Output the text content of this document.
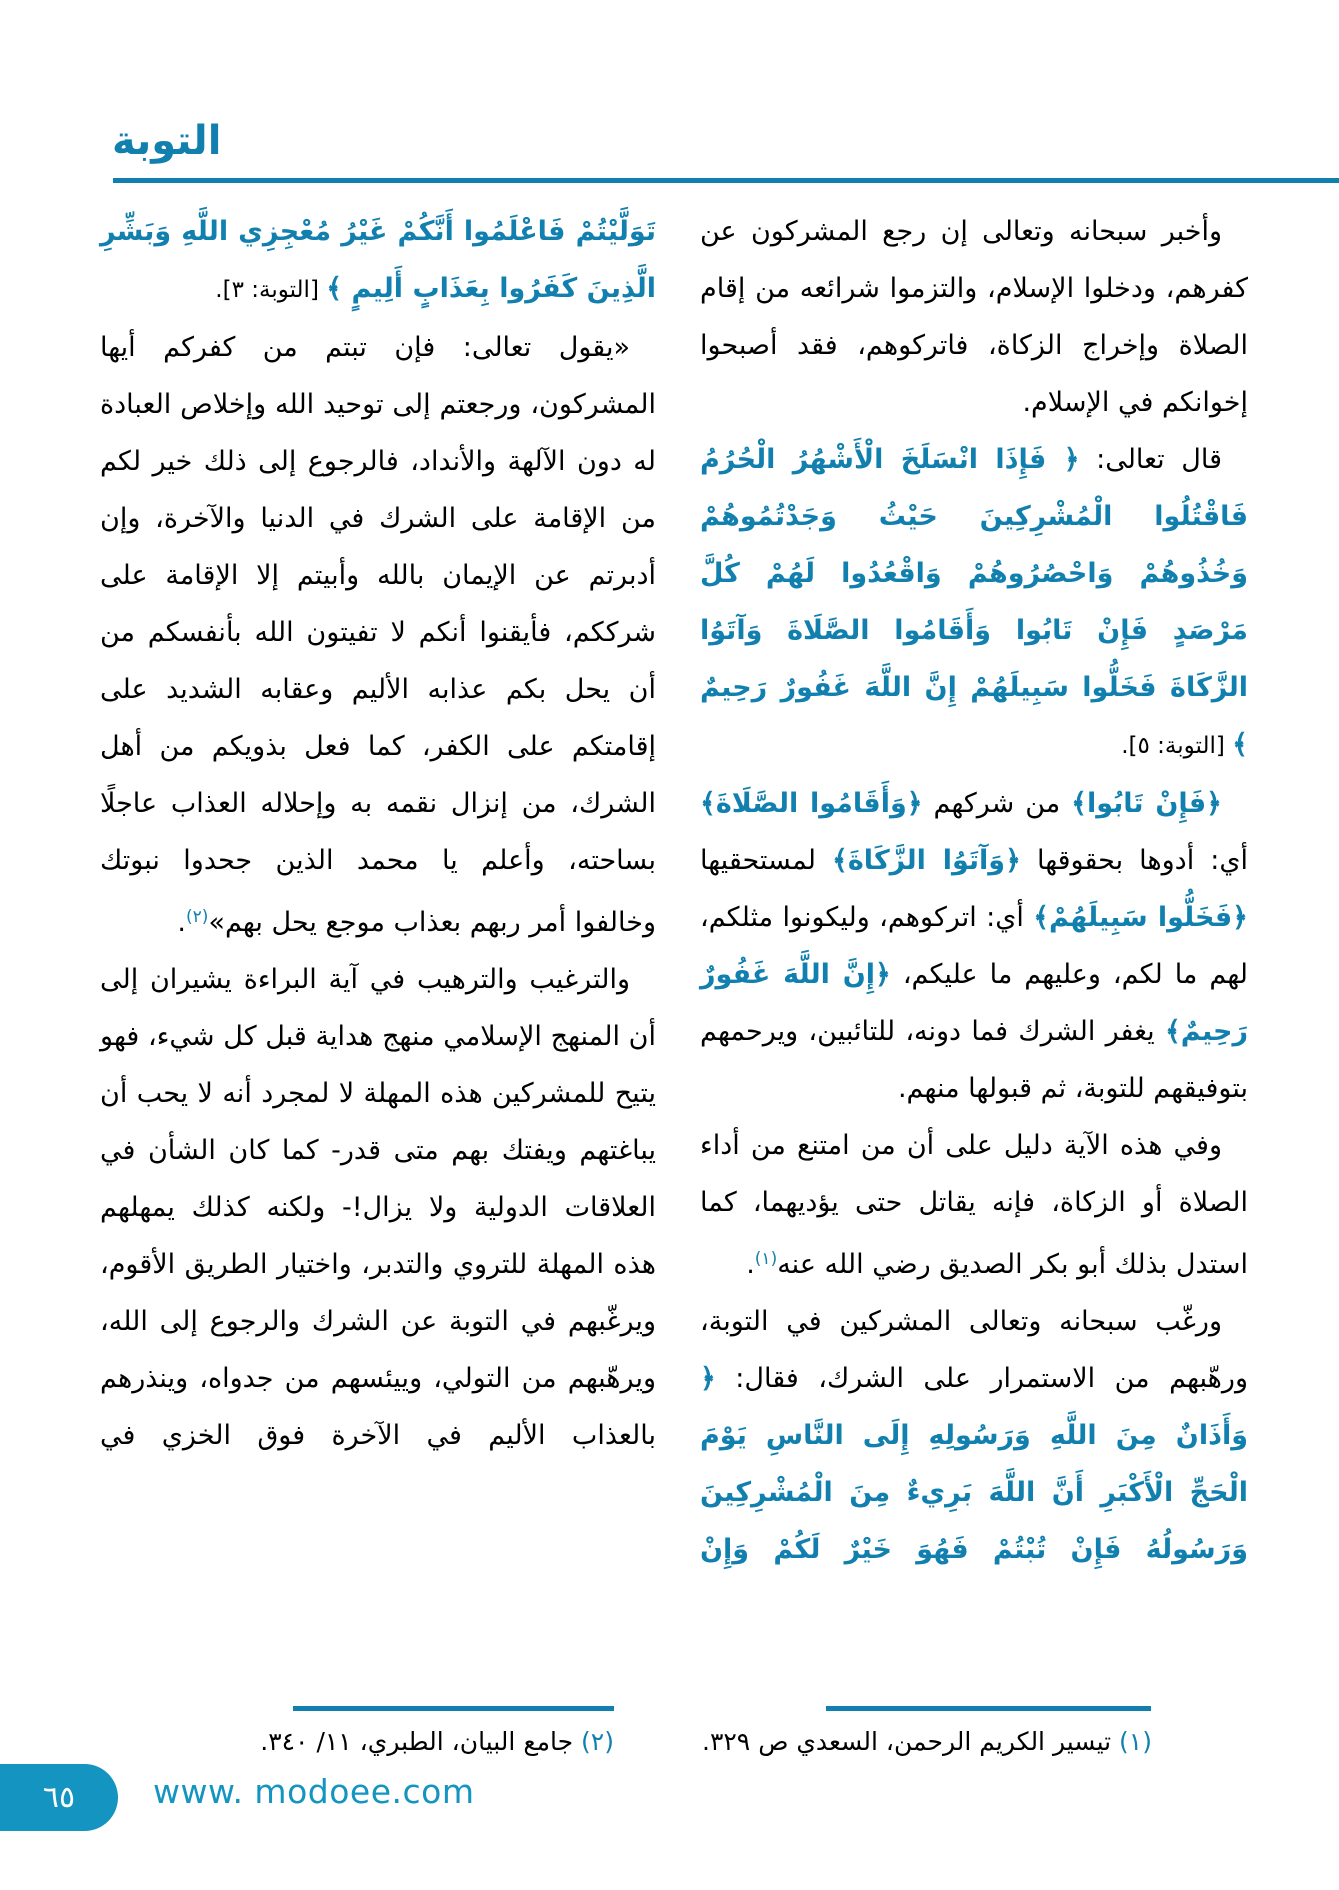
التوبة

وأخبر سبحانه وتعالى إن رجع المشركون عن كفرهم، ودخلوا الإسلام، والتزموا شرائعه من إقام الصلاة وإخراج الزكاة، فاتركوهم، فقد أصبحوا إخوانكم في الإسلام.

قال تعالى: ﴿ فَإِذَا انْسَلَخَ الْأَشْهُرُ الْحُرُمُ فَاقْتُلُوا الْمُشْرِكِينَ حَيْثُ وَجَدْتُمُوهُمْ وَخُذُوهُمْ وَاحْصُرُوهُمْ وَاقْعُدُوا لَهُمْ كُلَّ مَرْصَدٍ فَإِنْ تَابُوا وَأَقَامُوا الصَّلَاةَ وَآتَوُا الزَّكَاةَ فَخَلُّوا سَبِيلَهُمْ إِنَّ اللَّهَ غَفُورٌ رَحِيمٌ ﴾ [التوبة: ٥].

﴿فَإِنْ تَابُوا﴾ من شركهم ﴿وَأَقَامُوا الصَّلَاةَ﴾ أي: أدوها بحقوقها ﴿وَآتَوُا الزَّكَاةَ﴾ لمستحقيها ﴿فَخَلُّوا سَبِيلَهُمْ﴾ أي: اتركوهم، وليكونوا مثلكم، لهم ما لكم، وعليهم ما عليكم، ﴿إِنَّ اللَّهَ غَفُورٌ رَحِيمٌ﴾ يغفر الشرك فما دونه، للتائبين، ويرحمهم بتوفيقهم للتوبة، ثم قبولها منهم.

وفي هذه الآية دليل على أن من امتنع من أداء الصلاة أو الزكاة، فإنه يقاتل حتى يؤديهما، كما استدل بذلك أبو بكر الصديق رضي الله عنه$^{(١)}$.

ورغّب سبحانه وتعالى المشركين في التوبة، ورهّبهم من الاستمرار على الشرك، فقال: ﴿ وَأَذَانٌ مِنَ اللَّهِ وَرَسُولِهِ إِلَى النَّاسِ يَوْمَ الْحَجِّ الْأَكْبَرِ أَنَّ اللَّهَ بَرِيءٌ مِنَ الْمُشْرِكِينَ وَرَسُولُهُ فَإِنْ تُبْتُمْ فَهُوَ خَيْرٌ لَكُمْ وَإِنْ

تَوَلَّيْتُمْ فَاعْلَمُوا أَنَّكُمْ غَيْرُ مُعْجِزِي اللَّهِ وَبَشِّرِ الَّذِينَ كَفَرُوا بِعَذَابٍ أَلِيمٍ ﴾ [التوبة: ٣].

«يقول تعالى: فإن تبتم من كفركم أيها المشركون، ورجعتم إلى توحيد الله وإخلاص العبادة له دون الآلهة والأنداد، فالرجوع إلى ذلك خير لكم من الإقامة على الشرك في الدنيا والآخرة، وإن أدبرتم عن الإيمان بالله وأبيتم إلا الإقامة على شرككم، فأيقنوا أنكم لا تفيتون الله بأنفسكم من أن يحل بكم عذابه الأليم وعقابه الشديد على إقامتكم على الكفر، كما فعل بذويكم من أهل الشرك، من إنزال نقمه به وإحلاله العذاب عاجلًا بساحته، وأعلم يا محمد الذين جحدوا نبوتك وخالفوا أمر ربهم بعذاب موجع يحل بهم»$^{(٢)}$.

والترغيب والترهيب في آية البراءة يشيران إلى أن المنهج الإسلامي منهج هداية قبل كل شيء، فهو يتيح للمشركين هذه المهلة لا لمجرد أنه لا يحب أن يباغتهم ويفتك بهم متى قدر- كما كان الشأن في العلاقات الدولية ولا يزال!- ولكنه كذلك يمهلهم هذه المهلة للتروي والتدبر، واختيار الطريق الأقوم، ويرغّبهم في التوبة عن الشرك والرجوع إلى الله، ويرهّبهم من التولي، وييئسهم من جدواه، وينذرهم بالعذاب الأليم في الآخرة فوق الخزي في

(١) تيسير الكريم الرحمن، السعدي ص ٣٢٩.

(٢) جامع البيان، الطبري، ١١/ ٣٤٠.

٦٥ www. modoee.com
